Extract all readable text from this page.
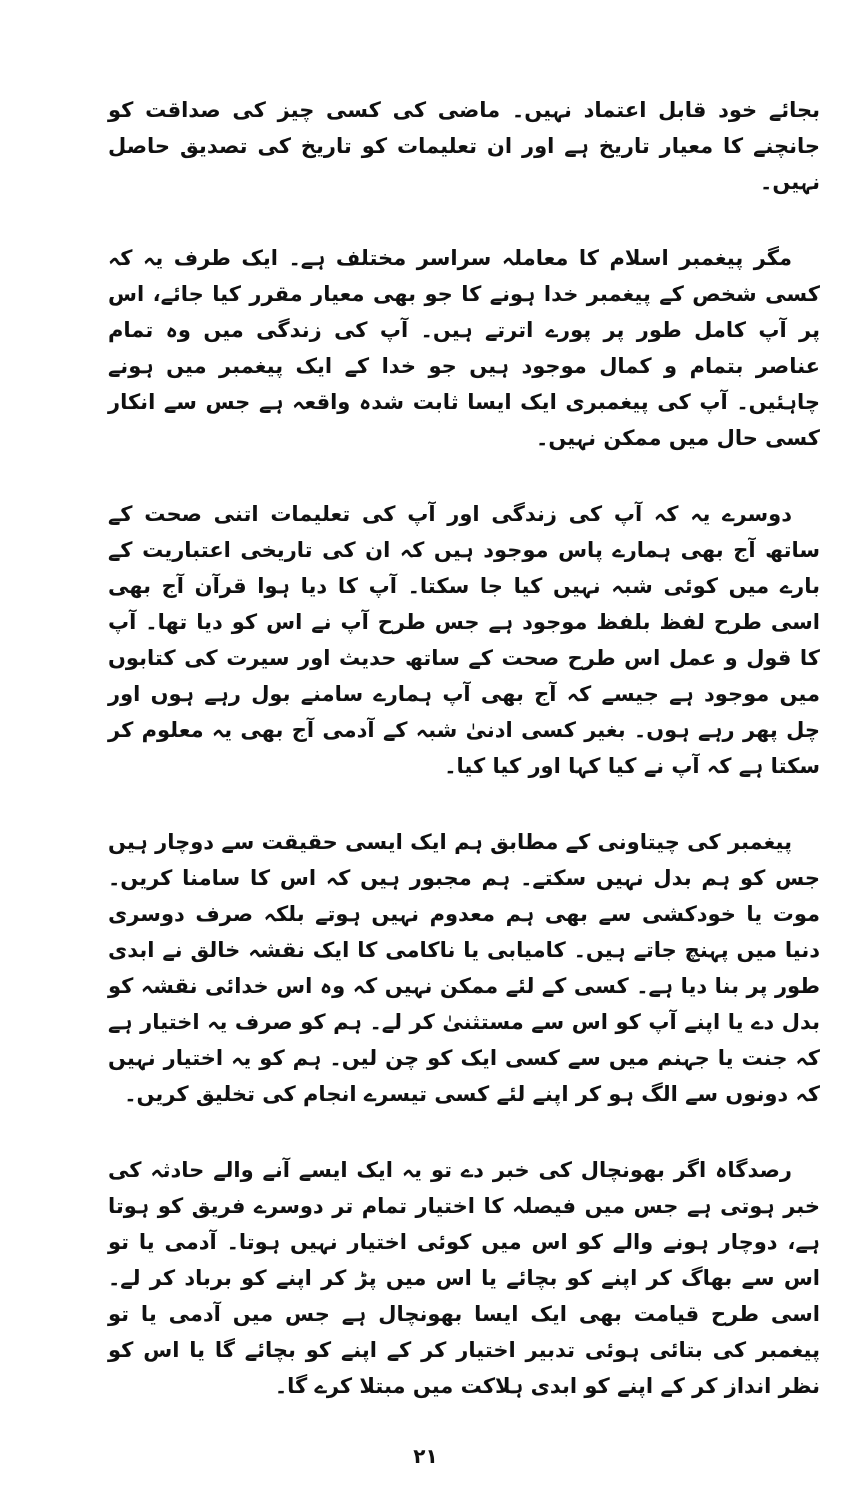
بجائے خود قابل اعتماد نہیں۔ ماضی کی کسی چیز کی صداقت کو جانچنے کا معیار تاریخ ہے اور ان تعلیمات کو تاریخ کی تصدیق حاصل نہیں۔

مگر پیغمبر اسلام کا معاملہ سراسر مختلف ہے۔ ایک طرف یہ کہ کسی شخص کے پیغمبر خدا ہونے کا جو بھی معیار مقرر کیا جائے، اس پر آپ کامل طور پر پورے اترتے ہیں۔ آپ کی زندگی میں وہ تمام عناصر بتمام و کمال موجود ہیں جو خدا کے ایک پیغمبر میں ہونے چاہئیں۔ آپ کی پیغمبری ایک ایسا ثابت شدہ واقعہ ہے جس سے انکار کسی حال میں ممکن نہیں۔

دوسرے یہ کہ آپ کی زندگی اور آپ کی تعلیمات اتنی صحت کے ساتھ آج بھی ہمارے پاس موجود ہیں کہ ان کی تاریخی اعتباریت کے بارے میں کوئی شبہ نہیں کیا جا سکتا۔ آپ کا دیا ہوا قرآن آج بھی اسی طرح لفظ بلفظ موجود ہے جس طرح آپ نے اس کو دیا تھا۔ آپ کا قول و عمل اس طرح صحت کے ساتھ حدیث اور سیرت کی کتابوں میں موجود ہے جیسے کہ آج بھی آپ ہمارے سامنے بول رہے ہوں اور چل پھر رہے ہوں۔ بغیر کسی ادنیٰ شبہ کے آدمی آج بھی یہ معلوم کر سکتا ہے کہ آپ نے کیا کہا اور کیا کیا۔

پیغمبر کی چیتاونی کے مطابق ہم ایک ایسی حقیقت سے دوچار ہیں جس کو ہم بدل نہیں سکتے۔ ہم مجبور ہیں کہ اس کا سامنا کریں۔ موت یا خودکشی سے بھی ہم معدوم نہیں ہوتے بلکہ صرف دوسری دنیا میں پہنچ جاتے ہیں۔ کامیابی یا ناکامی کا ایک نقشہ خالق نے ابدی طور پر بنا دیا ہے۔ کسی کے لئے ممکن نہیں کہ وہ اس خدائی نقشہ کو بدل دے یا اپنے آپ کو اس سے مستثنیٰ کر لے۔ ہم کو صرف یہ اختیار ہے کہ جنت یا جہنم میں سے کسی ایک کو چن لیں۔ ہم کو یہ اختیار نہیں کہ دونوں سے الگ ہو کر اپنے لئے کسی تیسرے انجام کی تخلیق کریں۔

رصدگاہ اگر بھونچال کی خبر دے تو یہ ایک ایسے آنے والے حادثہ کی خبر ہوتی ہے جس میں فیصلہ کا اختیار تمام تر دوسرے فریق کو ہوتا ہے، دوچار ہونے والے کو اس میں کوئی اختیار نہیں ہوتا۔ آدمی یا تو اس سے بھاگ کر اپنے کو بچائے یا اس میں پڑ کر اپنے کو برباد کر لے۔ اسی طرح قیامت بھی ایک ایسا بھونچال ہے جس میں آدمی یا تو پیغمبر کی بتائی ہوئی تدبیر اختیار کر کے اپنے کو بچائے گا یا اس کو نظر انداز کر کے اپنے کو ابدی ہلاکت میں مبتلا کرے گا۔

۲۱
